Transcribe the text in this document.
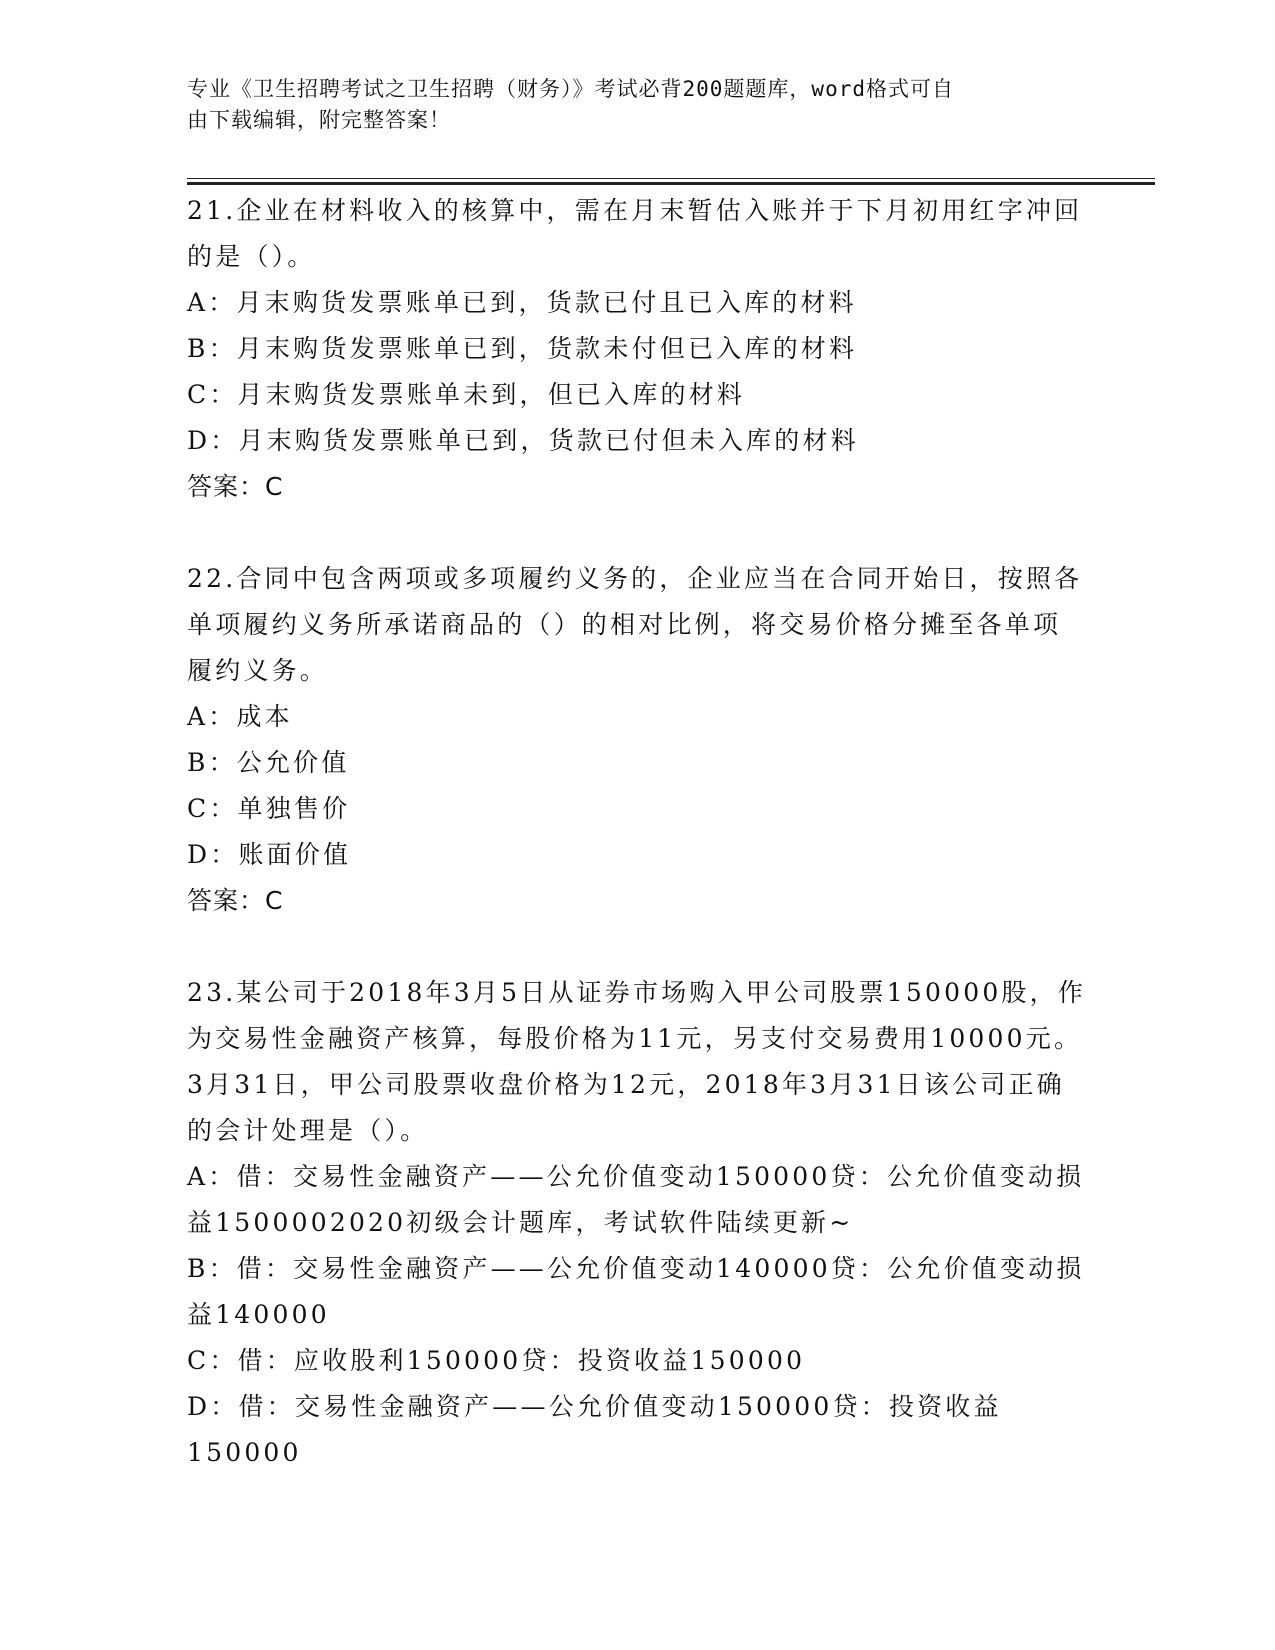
专业《卫生招聘考试之卫生招聘（财务）》考试必背200题题库，word格式可自
由下载编辑，附完整答案！

21.企业在材料收入的核算中，需在月末暂估入账并于下月初用红字冲回的是（）。

A：月末购货发票账单已到，货款已付且已入库的材料

B：月末购货发票账单已到，货款未付但已入库的材料

C：月末购货发票账单未到，但已入库的材料

D：月末购货发票账单已到，货款已付但未入库的材料

答案：C

22.合同中包含两项或多项履约义务的，企业应当在合同开始日，按照各单项履约义务所承诺商品的（）的相对比例，将交易价格分摊至各单项履约义务。

A：成本

B：公允价值

C：单独售价

D：账面价值

答案：C

23.某公司于2018年3月5日从证券市场购入甲公司股票150000股，作为交易性金融资产核算，每股价格为11元，另支付交易费用10000元。3月31日，甲公司股票收盘价格为12元，2018年3月31日该公司正确的会计处理是（）。

A：借：交易性金融资产——公允价值变动150000贷：公允价值变动损益1500002020初级会计题库，考试软件陆续更新~

B：借：交易性金融资产——公允价值变动140000贷：公允价值变动损益140000

C：借：应收股利150000贷：投资收益150000

D：借：交易性金融资产——公允价值变动150000贷：投资收益150000
